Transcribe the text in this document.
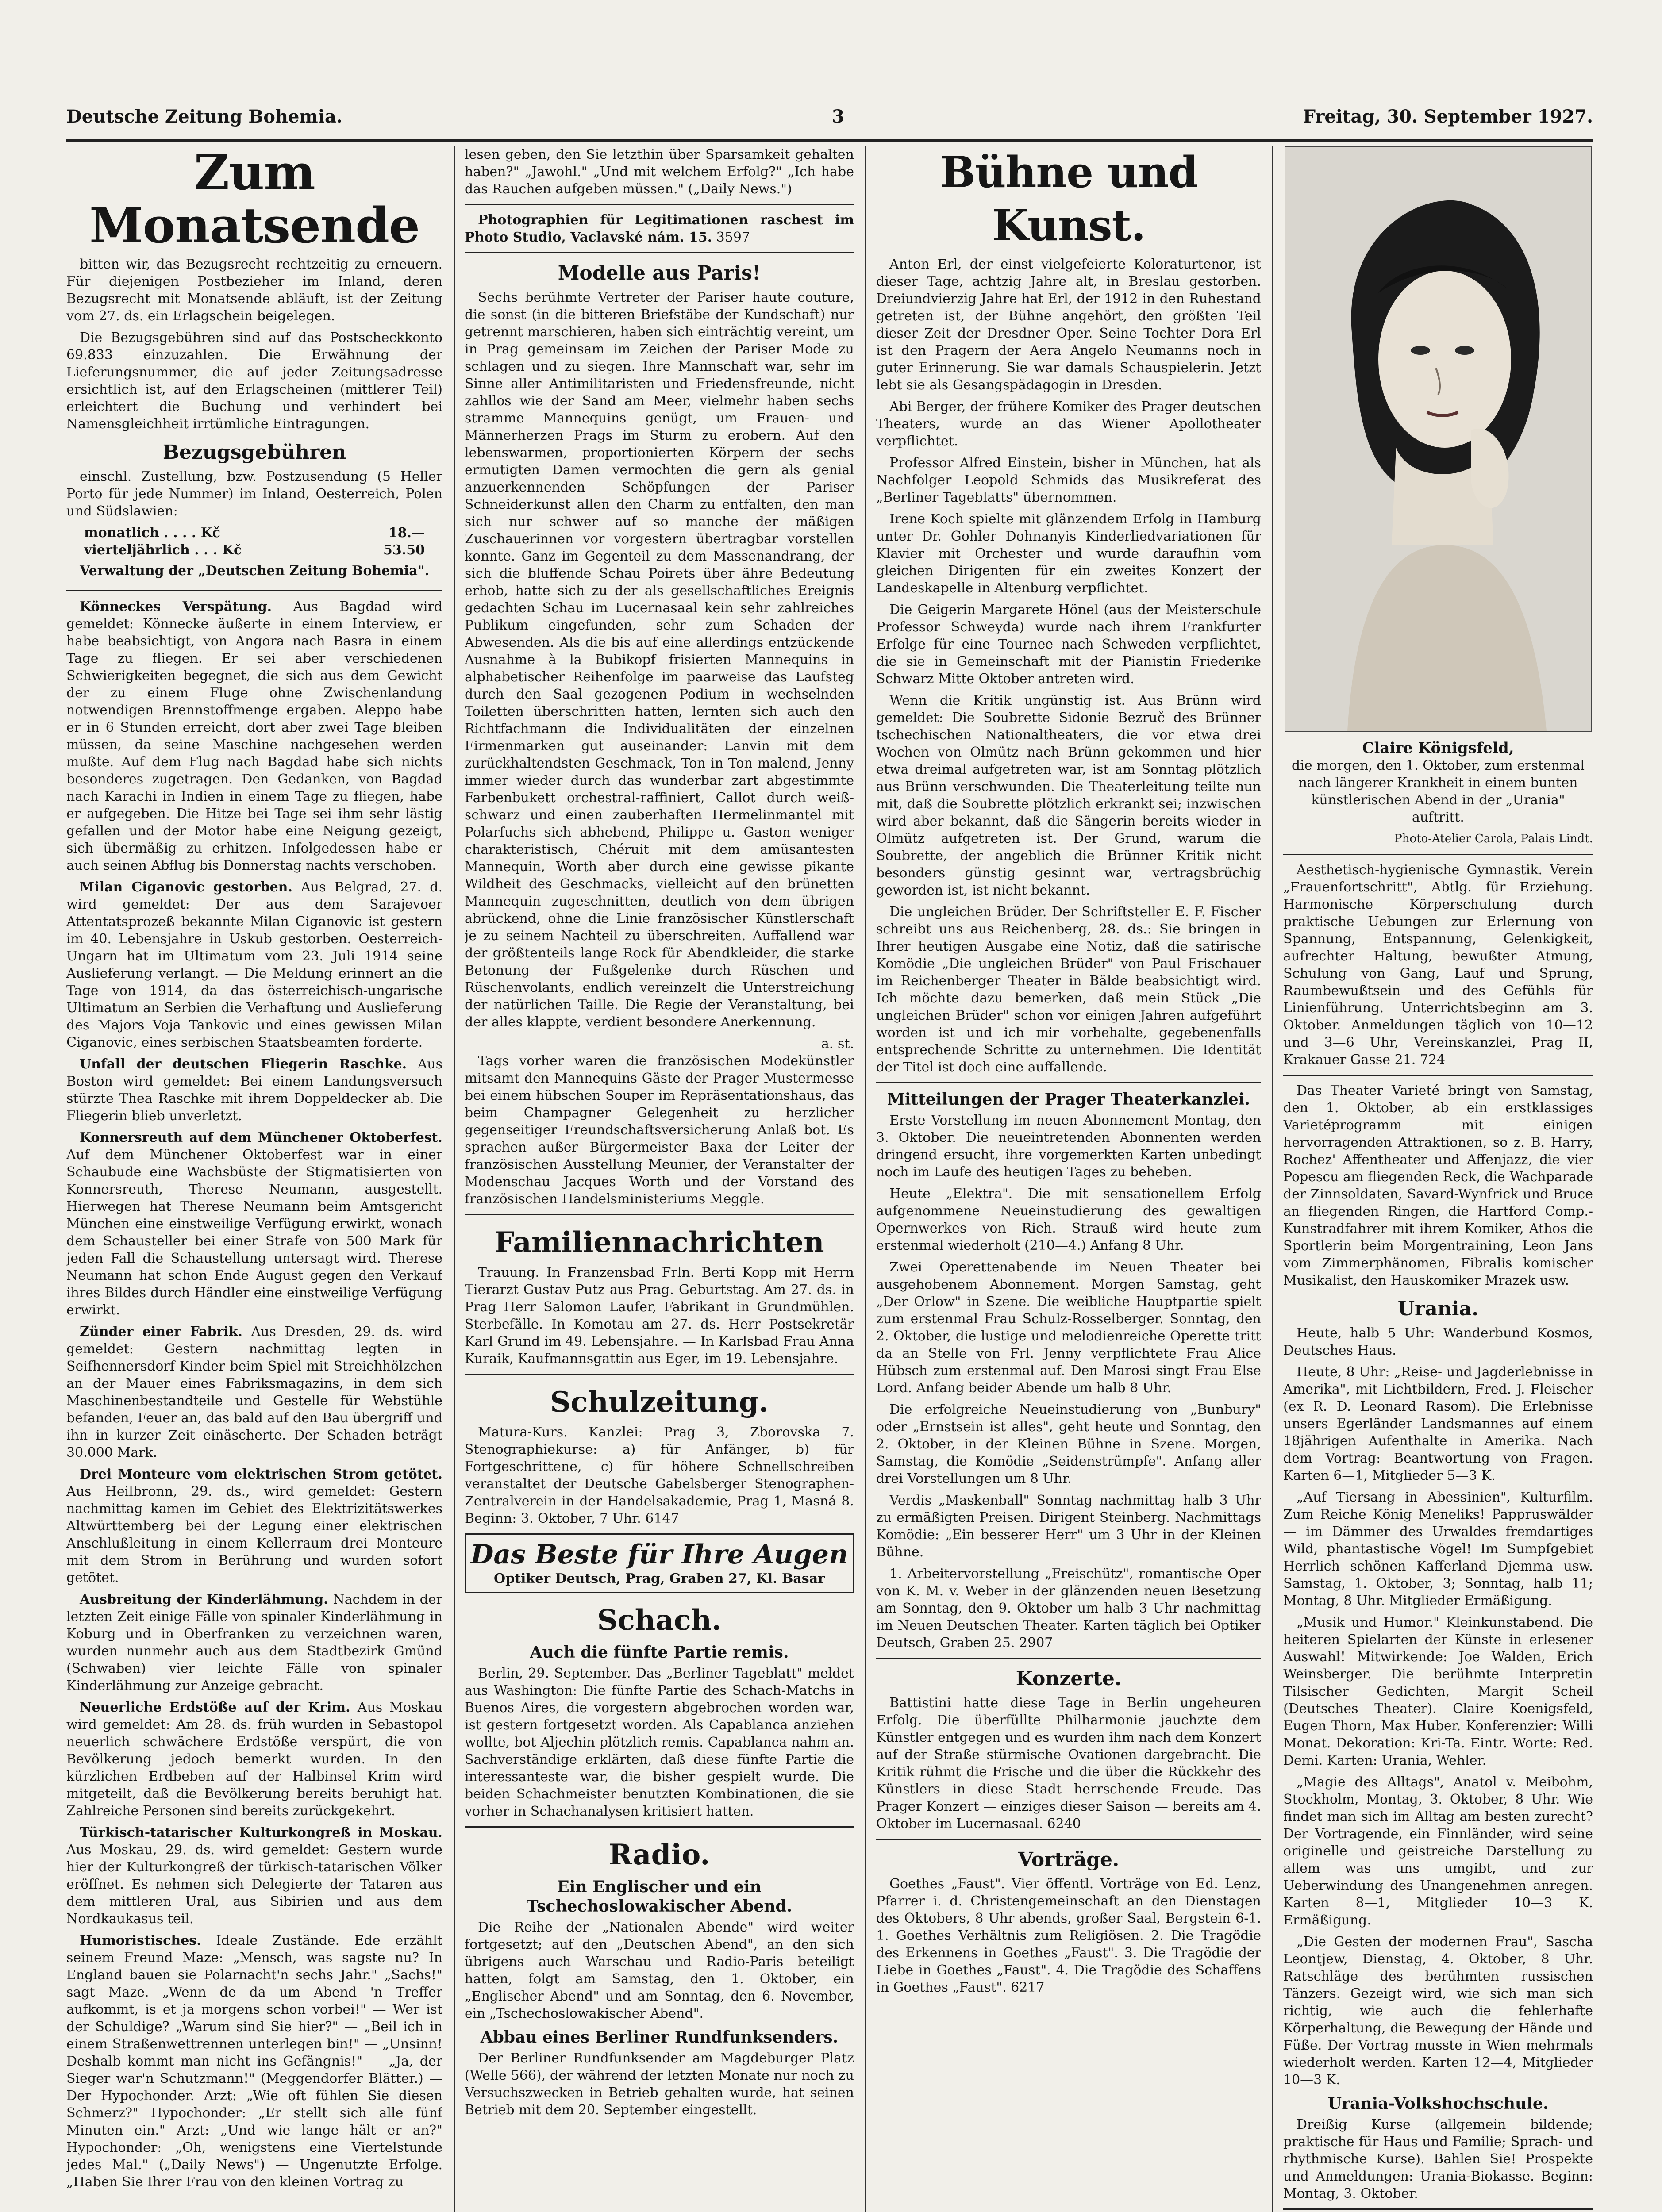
Deutsche Zeitung Bohemia.	3	Freitag, 30. September 1927.
Zum Monatsende

bitten wir, das Bezugsrecht rechtzeitig zu erneuern. Für diejenigen Postbezieher im Inland, deren Bezugsrecht mit Monatsende abläuft, ist der Zeitung vom 27. ds. ein Erlagschein beigelegen.

Die Bezugsgebühren sind auf das Postscheckkonto 69.833 einzuzahlen. Die Erwähnung der Lieferungsnummer, die auf jeder Zeitungsadresse ersichtlich ist, auf den Erlagscheinen (mittlerer Teil) erleichtert die Buchung und verhindert bei Namensgleichheit irrtümliche Eintragungen.

Bezugsgebühren

einschl. Zustellung, bzw. Postzusendung (5 Heller Porto für jede Nummer) im Inland, Oesterreich, Polen und Südslawien:

monatlich . . . . Kč	18.—
vierteljährlich . . . Kč	53.50
Verwaltung der „Deutschen Zeitung Bohemia".

Könneckes Verspätung. Aus Bagdad wird gemeldet: Könnecke äußerte in einem Interview, er habe beabsichtigt, von Angora nach Basra in einem Tage zu fliegen. Er sei aber verschiedenen Schwierigkeiten begegnet, die sich aus dem Gewicht der zu einem Fluge ohne Zwischenlandung notwendigen Brennstoffmenge ergaben. Aleppo habe er in 6 Stunden erreicht, dort aber zwei Tage bleiben müssen, da seine Maschine nachgesehen werden mußte. Auf dem Flug nach Bagdad habe sich nichts besonderes zugetragen. Den Gedanken, von Bagdad nach Karachi in Indien in einem Tage zu fliegen, habe er aufgegeben. Die Hitze bei Tage sei ihm sehr lästig gefallen und der Motor habe eine Neigung gezeigt, sich übermäßig zu erhitzen. Infolgedessen habe er auch seinen Abflug bis Donnerstag nachts verschoben.

Milan Ciganovic gestorben. Aus Belgrad, 27. d. wird gemeldet: Der aus dem Sarajevoer Attentatsprozeß bekannte Milan Ciganovic ist gestern im 40. Lebensjahre in Uskub gestorben. Oesterreich-Ungarn hat im Ultimatum vom 23. Juli 1914 seine Auslieferung verlangt. — Die Meldung erinnert an die Tage von 1914, da das österreichisch-ungarische Ultimatum an Serbien die Verhaftung und Auslieferung des Majors Voja Tankovic und eines gewissen Milan Ciganovic, eines serbischen Staatsbeamten forderte.

Unfall der deutschen Fliegerin Raschke. Aus Boston wird gemeldet: Bei einem Landungsversuch stürzte Thea Raschke mit ihrem Doppeldecker ab. Die Fliegerin blieb unverletzt.

Konnersreuth auf dem Münchener Oktoberfest. Auf dem Münchener Oktoberfest war in einer Schaubude eine Wachsbüste der Stigmatisierten von Konnersreuth, Therese Neumann, ausgestellt. Hierwegen hat Therese Neumann beim Amtsgericht München eine einstweilige Verfügung erwirkt, wonach dem Schausteller bei einer Strafe von 500 Mark für jeden Fall die Schaustellung untersagt wird. Therese Neumann hat schon Ende August gegen den Verkauf ihres Bildes durch Händler eine einstweilige Verfügung erwirkt.

Zünder einer Fabrik. Aus Dresden, 29. ds. wird gemeldet: Gestern nachmittag legten in Seifhennersdorf Kinder beim Spiel mit Streichhölzchen an der Mauer eines Fabriksmagazins, in dem sich Maschinenbestandteile und Gestelle für Webstühle befanden, Feuer an, das bald auf den Bau übergriff und ihn in kurzer Zeit einäscherte. Der Schaden beträgt 30.000 Mark.

Drei Monteure vom elektrischen Strom getötet. Aus Heilbronn, 29. ds., wird gemeldet: Gestern nachmittag kamen im Gebiet des Elektrizitätswerkes Altwürttemberg bei der Legung einer elektrischen Anschlußleitung in einem Kellerraum drei Monteure mit dem Strom in Berührung und wurden sofort getötet.

Ausbreitung der Kinderlähmung. Nachdem in der letzten Zeit einige Fälle von spinaler Kinderlähmung in Koburg und in Oberfranken zu verzeichnen waren, wurden nunmehr auch aus dem Stadtbezirk Gmünd (Schwaben) vier leichte Fälle von spinaler Kinderlähmung zur Anzeige gebracht.

Neuerliche Erdstöße auf der Krim. Aus Moskau wird gemeldet: Am 28. ds. früh wurden in Sebastopol neuerlich schwächere Erdstöße verspürt, die von Bevölkerung jedoch bemerkt wurden. In den kürzlichen Erdbeben auf der Halbinsel Krim wird mitgeteilt, daß die Bevölkerung bereits beruhigt hat. Zahlreiche Personen sind bereits zurückgekehrt.

Türkisch-tatarischer Kulturkongreß in Moskau. Aus Moskau, 29. ds. wird gemeldet: Gestern wurde hier der Kulturkongreß der türkisch-tatarischen Völker eröffnet. Es nehmen sich Delegierte der Tataren aus dem mittleren Ural, aus Sibirien und aus dem Nordkaukasus teil.

Humoristisches. Ideale Zustände. Ede erzählt seinem Freund Maze: „Mensch, was sagste nu? In England bauen sie Polarnacht'n sechs Jahr." „Sachs!" sagt Maze. „Wenn de da um Abend 'n Treffer aufkommt, is et ja morgens schon vorbei!" — Wer ist der Schuldige? „Warum sind Sie hier?" — „Beil ich in einem Straßenwettrennen unterlegen bin!" — „Unsinn! Deshalb kommt man nicht ins Gefängnis!" — „Ja, der Sieger war'n Schutzmann!" (Meggendorfer Blätter.) — Der Hypochonder. Arzt: „Wie oft fühlen Sie diesen Schmerz?" Hypochonder: „Er stellt sich alle fünf Minuten ein." Arzt: „Und wie lange hält er an?" Hypochonder: „Oh, wenigstens eine Viertelstunde jedes Mal." („Daily News") — Ungenutzte Erfolge. „Haben Sie Ihrer Frau von den kleinen Vortrag zu

lesen geben, den Sie letzthin über Sparsamkeit gehalten haben?" „Jawohl." „Und mit welchem Erfolg?" „Ich habe das Rauchen aufgeben müssen." („Daily News.")

Photographien für Legitimationen raschest im Photo Studio, Vaclavské nám. 15. 3597

Modelle aus Paris!

Sechs berühmte Vertreter der Pariser haute couture, die sonst (in die bitteren Briefstäbe der Kundschaft) nur getrennt marschieren, haben sich einträchtig vereint, um in Prag gemeinsam im Zeichen der Pariser Mode zu schlagen und zu siegen. Ihre Mannschaft war, sehr im Sinne aller Antimilitaristen und Friedensfreunde, nicht zahllos wie der Sand am Meer, vielmehr haben sechs stramme Mannequins genügt, um Frauen- und Männerherzen Prags im Sturm zu erobern. Auf den lebenswarmen, proportionierten Körpern der sechs ermutigten Damen vermochten die gern als genial anzuerkennenden Schöpfungen der Pariser Schneiderkunst allen den Charm zu entfalten, den man sich nur schwer auf so manche der mäßigen Zuschauerinnen vor vorgestern übertragbar vorstellen konnte. Ganz im Gegenteil zu dem Massenandrang, der sich die bluffende Schau Poirets über ähre Bedeutung erhob, hatte sich zu der als gesellschaftliches Ereignis gedachten Schau im Lucernasaal kein sehr zahlreiches Publikum eingefunden, sehr zum Schaden der Abwesenden. Als die bis auf eine allerdings entzückende Ausnahme à la Bubikopf frisierten Mannequins in alphabetischer Reihenfolge im paarweise das Laufsteg durch den Saal gezogenen Podium in wechselnden Toiletten überschritten hatten, lernten sich auch den Richtfachmann die Individualitäten der einzelnen Firmenmarken gut auseinander: Lanvin mit dem zurückhaltendsten Geschmack, Ton in Ton malend, Jenny immer wieder durch das wunderbar zart abgestimmte Farbenbukett orchestral-raffiniert, Callot durch weiß-schwarz und einen zauberhaften Hermelinmantel mit Polarfuchs sich abhebend, Philippe u. Gaston weniger charakteristisch, Chéruit mit dem amüsantesten Mannequin, Worth aber durch eine gewisse pikante Wildheit des Geschmacks, vielleicht auf den brünetten Mannequin zugeschnitten, deutlich von dem übrigen abrückend, ohne die Linie französischer Künstlerschaft je zu seinem Nachteil zu überschreiten. Auffallend war der größtenteils lange Rock für Abendkleider, die starke Betonung der Fußgelenke durch Rüschen und Rüschenvolants, endlich vereinzelt die Unterstreichung der natürlichen Taille. Die Regie der Veranstaltung, bei der alles klappte, verdient besondere Anerkennung.

a. st.

Tags vorher waren die französischen Modekünstler mitsamt den Mannequins Gäste der Prager Mustermesse bei einem hübschen Souper im Repräsentationshaus, das beim Champagner Gelegenheit zu herzlicher gegenseitiger Freundschaftsversicherung Anlaß bot. Es sprachen außer Bürgermeister Baxa der Leiter der französischen Ausstellung Meunier, der Veranstalter der Modenschau Jacques Worth und der Vorstand des französischen Handelsministeriums Meggle.

Familiennachrichten

Trauung. In Franzensbad Frln. Berti Kopp mit Herrn Tierarzt Gustav Putz aus Prag. Geburtstag. Am 27. ds. in Prag Herr Salomon Laufer, Fabrikant in Grundmühlen. Sterbefälle. In Komotau am 27. ds. Herr Postsekretär Karl Grund im 49. Lebensjahre. — In Karlsbad Frau Anna Kuraik, Kaufmannsgattin aus Eger, im 19. Lebensjahre.

Schulzeitung.

Matura-Kurs. Kanzlei: Prag 3, Zborovska 7. Stenographiekurse: a) für Anfänger, b) für Fortgeschrittene, c) für höhere Schnellschreiben veranstaltet der Deutsche Gabelsberger Stenographen-Zentralverein in der Handelsakademie, Prag 1, Masná 8. Beginn: 3. Oktober, 7 Uhr. 6147

Das Beste für Ihre Augen
Optiker Deutsch, Prag, Graben 27, Kl. Basar
Schach.
Auch die fünfte Partie remis.

Berlin, 29. September. Das „Berliner Tageblatt" meldet aus Washington: Die fünfte Partie des Schach-Matchs in Buenos Aires, die vorgestern abgebrochen worden war, ist gestern fortgesetzt worden. Als Capablanca anziehen wollte, bot Aljechin plötzlich remis. Capablanca nahm an. Sachverständige erklärten, daß diese fünfte Partie die interessanteste war, die bisher gespielt wurde. Die beiden Schachmeister benutzten Kombinationen, die sie vorher in Schachanalysen kritisiert hatten.

Radio.
Ein Englischer und ein Tschechoslowakischer Abend.

Die Reihe der „Nationalen Abende" wird weiter fortgesetzt; auf den „Deutschen Abend", an den sich übrigens auch Warschau und Radio-Paris beteiligt hatten, folgt am Samstag, den 1. Oktober, ein „Englischer Abend" und am Sonntag, den 6. November, ein „Tschechoslowakischer Abend".

Abbau eines Berliner Rundfunksenders.

Der Berliner Rundfunksender am Magdeburger Platz (Welle 566), der während der letzten Monate nur noch zu Versuchszwecken in Betrieb gehalten wurde, hat seinen Betrieb mit dem 20. September eingestellt.

Bühne und Kunst.

Anton Erl, der einst vielgefeierte Koloraturtenor, ist dieser Tage, achtzig Jahre alt, in Breslau gestorben. Dreiundvierzig Jahre hat Erl, der 1912 in den Ruhestand getreten ist, der Bühne angehört, den größten Teil dieser Zeit der Dresdner Oper. Seine Tochter Dora Erl ist den Pragern der Aera Angelo Neumanns noch in guter Erinnerung. Sie war damals Schauspielerin. Jetzt lebt sie als Gesangspädagogin in Dresden.

Abi Berger, der frühere Komiker des Prager deutschen Theaters, wurde an das Wiener Apollotheater verpflichtet.

Professor Alfred Einstein, bisher in München, hat als Nachfolger Leopold Schmids das Musikreferat des „Berliner Tageblatts" übernommen.

Irene Koch spielte mit glänzendem Erfolg in Hamburg unter Dr. Gohler Dohnanyis Kinderliedvariationen für Klavier mit Orchester und wurde daraufhin vom gleichen Dirigenten für ein zweites Konzert der Landeskapelle in Altenburg verpflichtet.

Die Geigerin Margarete Hönel (aus der Meisterschule Professor Schweyda) wurde nach ihrem Frankfurter Erfolge für eine Tournee nach Schweden verpflichtet, die sie in Gemeinschaft mit der Pianistin Friederike Schwarz Mitte Oktober antreten wird.

Wenn die Kritik ungünstig ist. Aus Brünn wird gemeldet: Die Soubrette Sidonie Bezruč des Brünner tschechischen Nationaltheaters, die vor etwa drei Wochen von Olmütz nach Brünn gekommen und hier etwa dreimal aufgetreten war, ist am Sonntag plötzlich aus Brünn verschwunden. Die Theaterleitung teilte nun mit, daß die Soubrette plötzlich erkrankt sei; inzwischen wird aber bekannt, daß die Sängerin bereits wieder in Olmütz aufgetreten ist. Der Grund, warum die Soubrette, der angeblich die Brünner Kritik nicht besonders günstig gesinnt war, vertragsbrüchig geworden ist, ist nicht bekannt.

Die ungleichen Brüder. Der Schriftsteller E. F. Fischer schreibt uns aus Reichenberg, 28. ds.: Sie bringen in Ihrer heutigen Ausgabe eine Notiz, daß die satirische Komödie „Die ungleichen Brüder" von Paul Frischauer im Reichenberger Theater in Bälde beabsichtigt wird. Ich möchte dazu bemerken, daß mein Stück „Die ungleichen Brüder" schon vor einigen Jahren aufgeführt worden ist und ich mir vorbehalte, gegebenenfalls entsprechende Schritte zu unternehmen. Die Identität der Titel ist doch eine auffallende.

Mitteilungen der Prager Theaterkanzlei.

Erste Vorstellung im neuen Abonnement Montag, den 3. Oktober. Die neueintretenden Abonnenten werden dringend ersucht, ihre vorgemerkten Karten unbedingt noch im Laufe des heutigen Tages zu beheben.

Heute „Elektra". Die mit sensationellem Erfolg aufgenommene Neueinstudierung des gewaltigen Opernwerkes von Rich. Strauß wird heute zum erstenmal wiederholt (210—4.) Anfang 8 Uhr.

Zwei Operettenabende im Neuen Theater bei ausgehobenem Abonnement. Morgen Samstag, geht „Der Orlow" in Szene. Die weibliche Hauptpartie spielt zum erstenmal Frau Schulz-Rosselberger. Sonntag, den 2. Oktober, die lustige und melodienreiche Operette tritt da an Stelle von Frl. Jenny verpflichtete Frau Alice Hübsch zum erstenmal auf. Den Marosi singt Frau Else Lord. Anfang beider Abende um halb 8 Uhr.

Die erfolgreiche Neueinstudierung von „Bunbury" oder „Ernstsein ist alles", geht heute und Sonntag, den 2. Oktober, in der Kleinen Bühne in Szene. Morgen, Samstag, die Komödie „Seidenstrümpfe". Anfang aller drei Vorstellungen um 8 Uhr.

Verdis „Maskenball" Sonntag nachmittag halb 3 Uhr zu ermäßigten Preisen. Dirigent Steinberg. Nachmittags Komödie: „Ein besserer Herr" um 3 Uhr in der Kleinen Bühne.

1. Arbeitervorstellung „Freischütz", romantische Oper von K. M. v. Weber in der glänzenden neuen Besetzung am Sonntag, den 9. Oktober um halb 3 Uhr nachmittag im Neuen Deutschen Theater. Karten täglich bei Optiker Deutsch, Graben 25. 2907

Konzerte.

Battistini hatte diese Tage in Berlin ungeheuren Erfolg. Die überfüllte Philharmonie jauchzte dem Künstler entgegen und es wurden ihm nach dem Konzert auf der Straße stürmische Ovationen dargebracht. Die Kritik rühmt die Frische und die über die Rückkehr des Künstlers in diese Stadt herrschende Freude. Das Prager Konzert — einziges dieser Saison — bereits am 4. Oktober im Lucernasaal. 6240

Vorträge.

Goethes „Faust". Vier öffentl. Vorträge von Ed. Lenz, Pfarrer i. d. Christengemeinschaft an den Dienstagen des Oktobers, 8 Uhr abends, großer Saal, Bergstein 6-1. 1. Goethes Verhältnis zum Religiösen. 2. Die Tragödie des Erkennens in Goethes „Faust". 3. Die Tragödie der Liebe in Goethes „Faust". 4. Die Tragödie des Schaffens in Goethes „Faust". 6217

Claire Königsfeld,

die morgen, den 1. Oktober, zum erstenmal nach längerer Krankheit in einem bunten künstlerischen Abend in der „Urania" auftritt.

Photo-Atelier Carola, Palais Lindt.

Aesthetisch-hygienische Gymnastik. Verein „Frauenfortschritt", Abtlg. für Erziehung. Harmonische Körperschulung durch praktische Uebungen zur Erlernung von Spannung, Entspannung, Gelenkigkeit, aufrechter Haltung, bewußter Atmung, Schulung von Gang, Lauf und Sprung, Raumbewußtsein und des Gefühls für Linienführung. Unterrichtsbeginn am 3. Oktober. Anmeldungen täglich von 10—12 und 3—6 Uhr, Vereinskanzlei, Prag II, Krakauer Gasse 21. 724

Das Theater Varieté bringt von Samstag, den 1. Oktober, ab ein erstklassiges Varietéprogramm mit einigen hervorragenden Attraktionen, so z. B. Harry, Rochez' Affentheater und Affenjazz, die vier Popescu am fliegenden Reck, die Wachparade der Zinnsoldaten, Savard-Wynfrick und Bruce an fliegenden Ringen, die Hartford Comp.-Kunstradfahrer mit ihrem Komiker, Athos die Sportlerin beim Morgentraining, Leon Jans vom Zimmerphänomen, Fibralis komischer Musikalist, den Hauskomiker Mrazek usw.

Urania.

Heute, halb 5 Uhr: Wanderbund Kosmos, Deutsches Haus.

Heute, 8 Uhr: „Reise- und Jagderlebnisse in Amerika", mit Lichtbildern, Fred. J. Fleischer (ex R. D. Leonard Rasom). Die Erlebnisse unsers Egerländer Landsmannes auf einem 18jährigen Aufenthalte in Amerika. Nach dem Vortrag: Beantwortung von Fragen. Karten 6—1, Mitglieder 5—3 K.

„Auf Tiersang in Abessinien", Kulturfilm. Zum Reiche König Meneliks! Pappruswälder — im Dämmer des Urwaldes fremdartiges Wild, phantastische Vögel! Im Sumpfgebiet Herrlich schönen Kafferland Djemma usw. Samstag, 1. Oktober, 3; Sonntag, halb 11; Montag, 8 Uhr. Mitglieder Ermäßigung.

„Musik und Humor." Kleinkunstabend. Die heiteren Spielarten der Künste in erlesener Auswahl! Mitwirkende: Joe Walden, Erich Weinsberger. Die berühmte Interpretin Tilsischer Gedichten, Margit Scheil (Deutsches Theater). Claire Koenigsfeld, Eugen Thorn, Max Huber. Konferenzier: Willi Monat. Dekoration: Kri-Ta. Eintr. Worte: Red. Demi. Karten: Urania, Wehler.

„Magie des Alltags", Anatol v. Meibohm, Stockholm, Montag, 3. Oktober, 8 Uhr. Wie findet man sich im Alltag am besten zurecht? Der Vortragende, ein Finnländer, wird seine originelle und geistreiche Darstellung zu allem was uns umgibt, und zur Ueberwindung des Unangenehmen anregen. Karten 8—1, Mitglieder 10—3 K. Ermäßigung.

„Die Gesten der modernen Frau", Sascha Leontjew, Dienstag, 4. Oktober, 8 Uhr. Ratschläge des berühmten russischen Tänzers. Gezeigt wird, wie sich man sich richtig, wie auch die fehlerhafte Körperhaltung, die Bewegung der Hände und Füße. Der Vortrag musste in Wien mehrmals wiederholt werden. Karten 12—4, Mitglieder 10—3 K.

Urania-Volkshochschule.

Dreißig Kurse (allgemein bildende; praktische für Haus und Familie; Sprach- und rhythmische Kurse). Bahlen Sie! Prospekte und Anmeldungen: Urania-Biokasse. Beginn: Montag, 3. Oktober.
